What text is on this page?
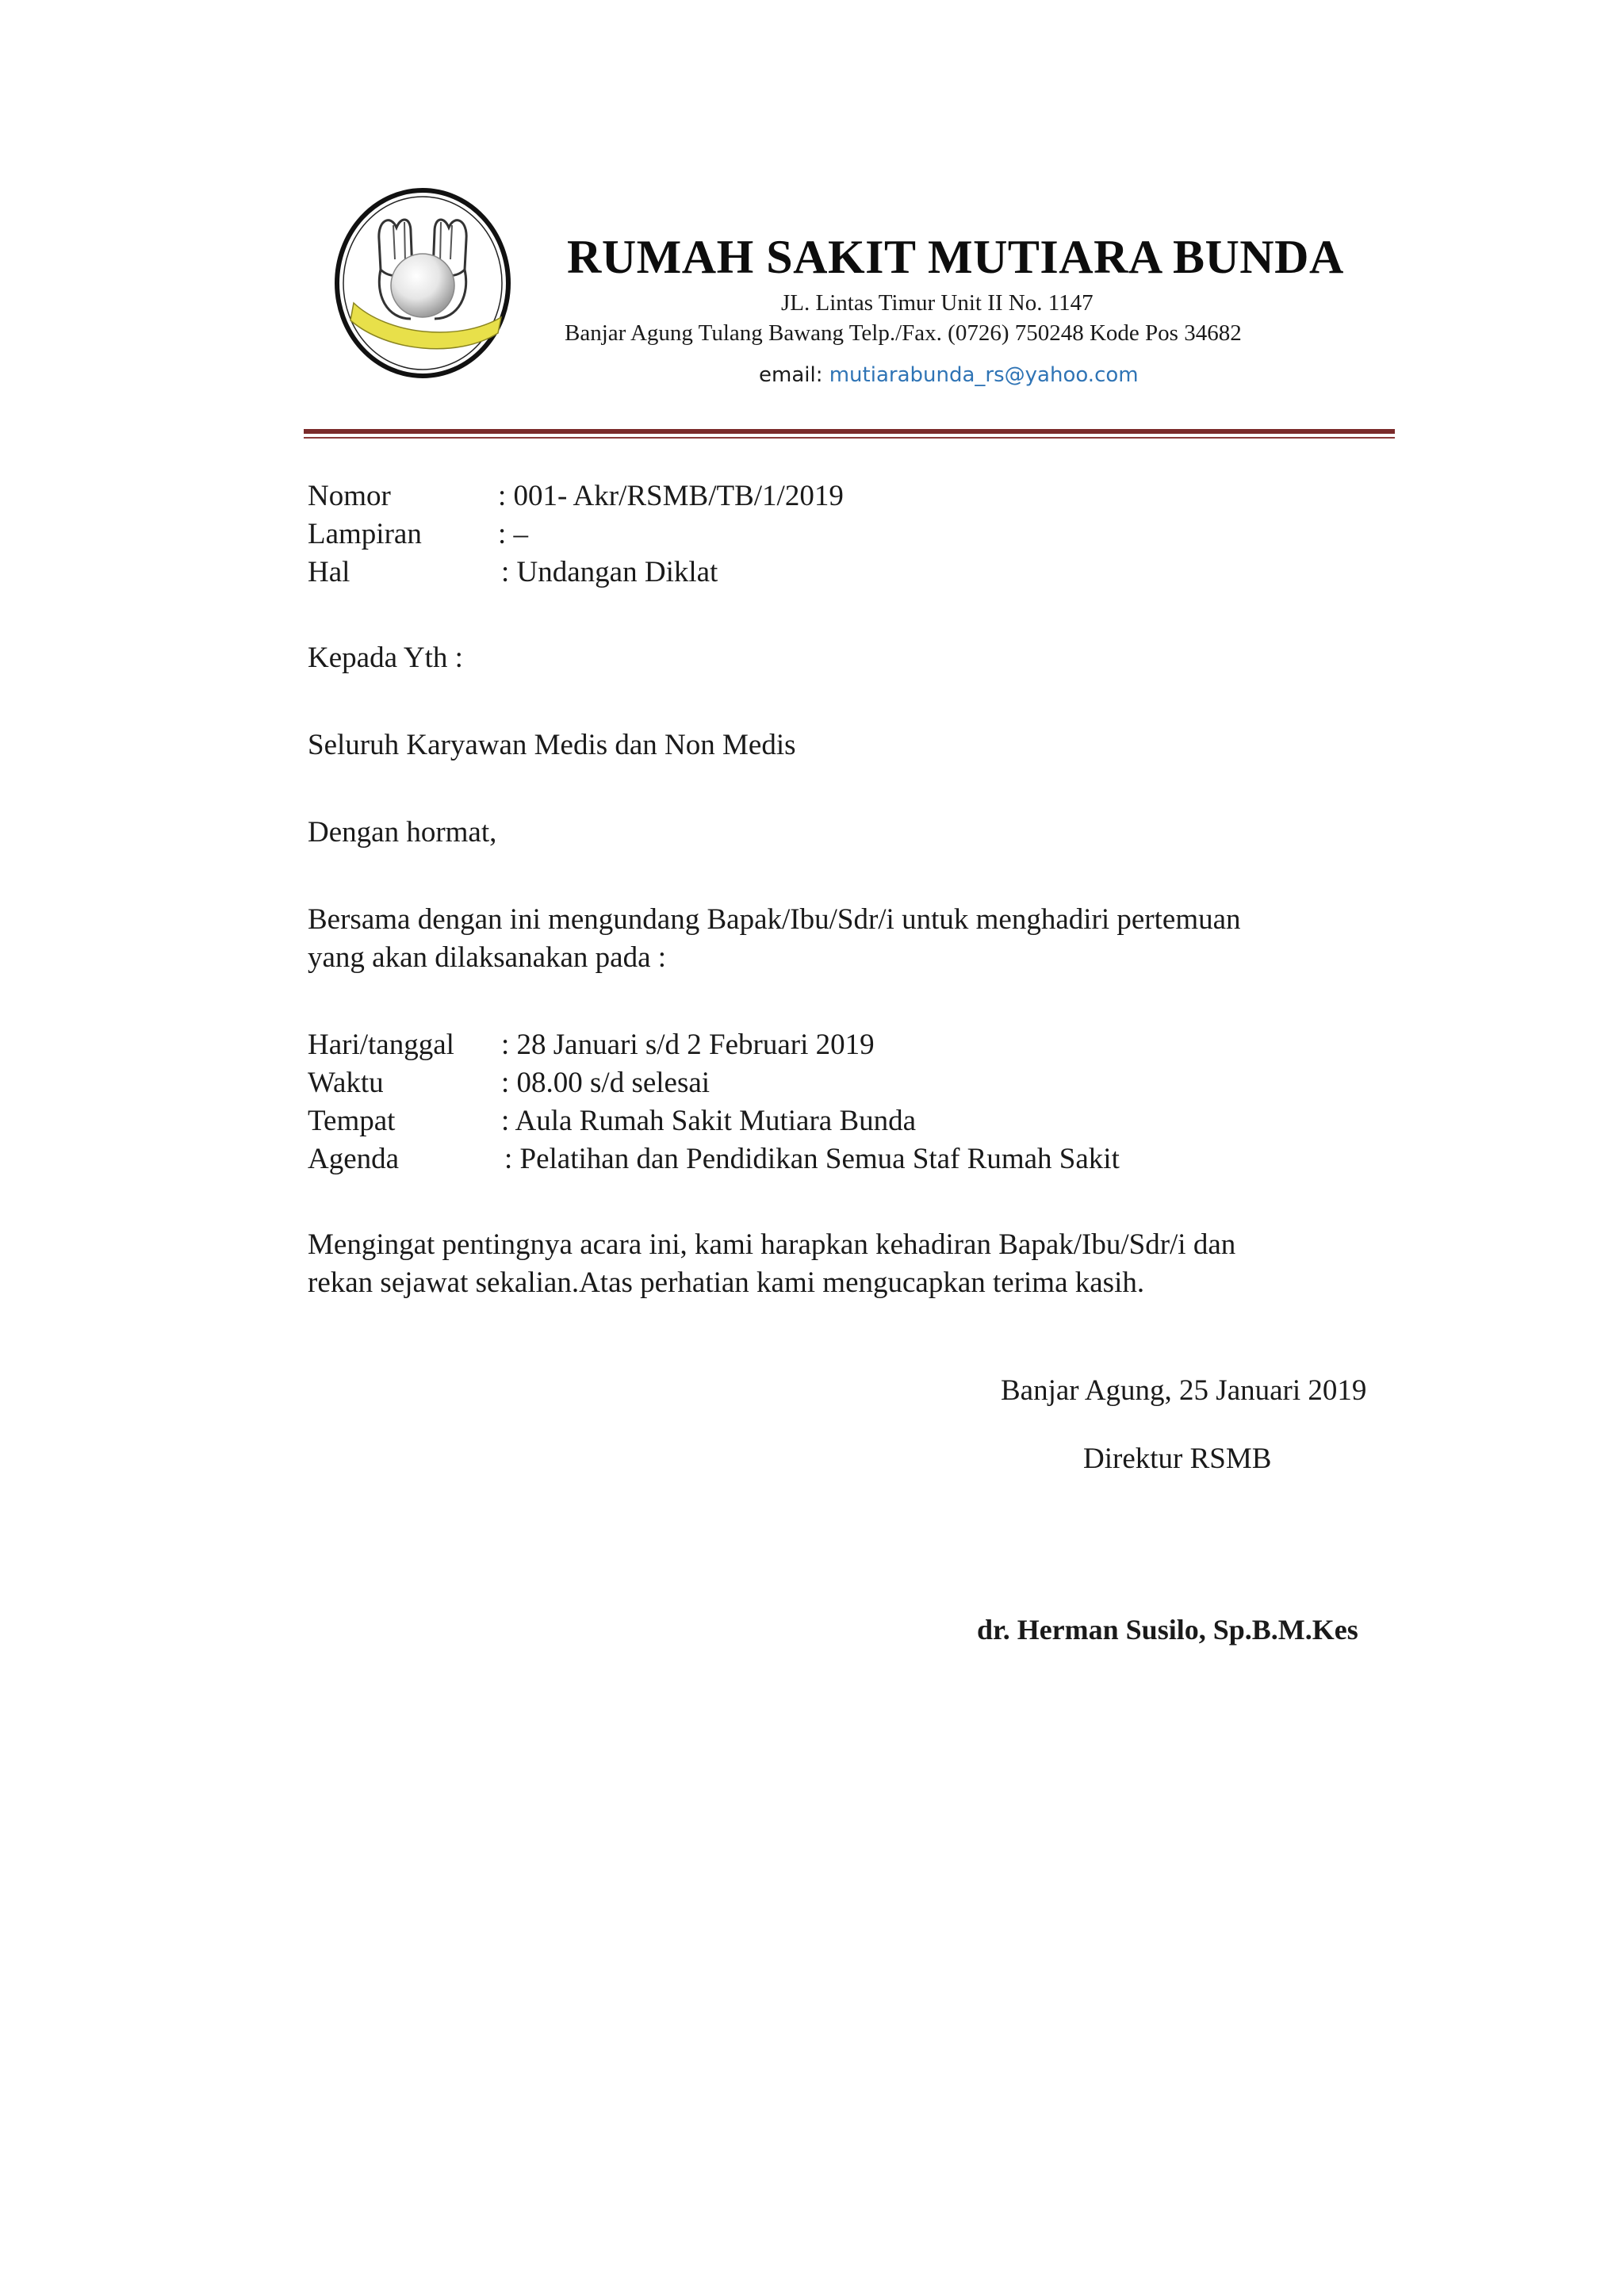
RUMAH SAKIT MUTIARA BUNDA
JL. Lintas Timur Unit II No. 1147
Banjar Agung Tulang Bawang Telp./Fax. (0726) 750248 Kode Pos 34682
email: mutiarabunda_rs@yahoo.com
Nomor	: 001- Akr/RSMB/TB/1/2019
Lampiran	: –
Hal	: Undangan Diklat
Kepada Yth :
Seluruh Karyawan Medis dan Non Medis
Dengan hormat,
Bersama dengan ini mengundang Bapak/Ibu/Sdr/i untuk menghadiri pertemuan
yang akan dilaksanakan pada :
Hari/tanggal : 28 Januari s/d 2 Februari 2019
Waktu	: 08.00 s/d selesai
Tempat	: Aula Rumah Sakit Mutiara Bunda
Agenda	: Pelatihan dan Pendidikan Semua Staf Rumah Sakit
Mengingat pentingnya acara ini, kami harapkan kehadiran Bapak/Ibu/Sdr/i dan
rekan sejawat sekalian.Atas perhatian kami mengucapkan terima kasih.
Banjar Agung, 25 Januari 2019
Direktur RSMB
dr. Herman Susilo, Sp.B.M.Kes
